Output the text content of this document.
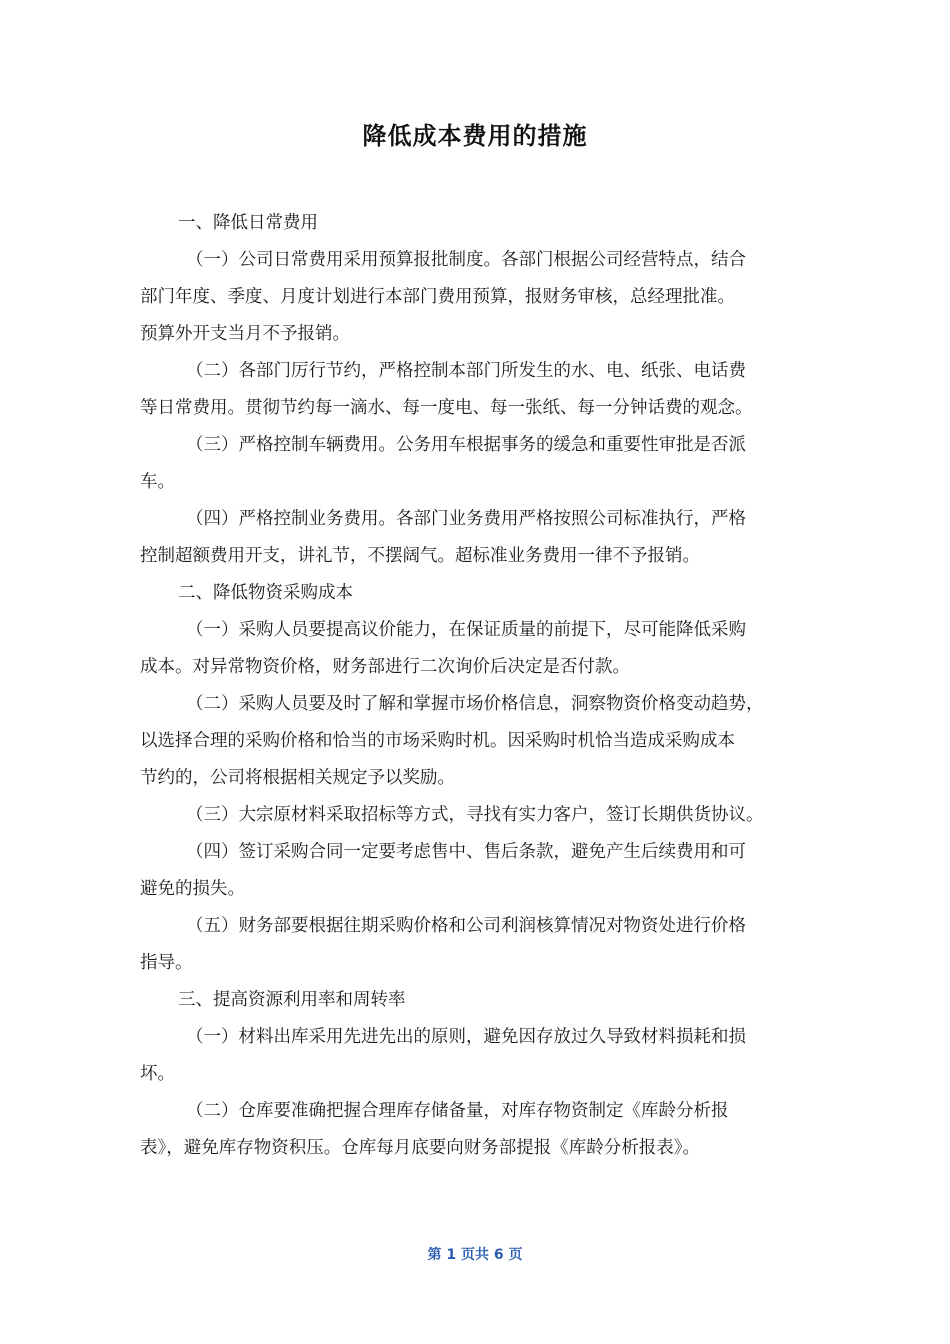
降低成本费用的措施
一、降低日常费用
（一）公司日常费用采用预算报批制度。各部门根据公司经营特点，结合
部门年度、季度、月度计划进行本部门费用预算，报财务审核，总经理批准。
预算外开支当月不予报销。
（二）各部门厉行节约，严格控制本部门所发生的水、电、纸张、电话费
等日常费用。贯彻节约每一滴水、每一度电、每一张纸、每一分钟话费的观念。
（三）严格控制车辆费用。公务用车根据事务的缓急和重要性审批是否派
车。
（四）严格控制业务费用。各部门业务费用严格按照公司标准执行，严格
控制超额费用开支，讲礼节，不摆阔气。超标准业务费用一律不予报销。
二、降低物资采购成本
（一）采购人员要提高议价能力，在保证质量的前提下，尽可能降低采购
成本。对异常物资价格，财务部进行二次询价后决定是否付款。
（二）采购人员要及时了解和掌握市场价格信息，洞察物资价格变动趋势，
以选择合理的采购价格和恰当的市场采购时机。因采购时机恰当造成采购成本
节约的，公司将根据相关规定予以奖励。
（三）大宗原材料采取招标等方式，寻找有实力客户，签订长期供货协议。
（四）签订采购合同一定要考虑售中、售后条款，避免产生后续费用和可
避免的损失。
（五）财务部要根据往期采购价格和公司利润核算情况对物资处进行价格
指导。
三、提高资源利用率和周转率
（一）材料出库采用先进先出的原则，避免因存放过久导致材料损耗和损
坏。
（二）仓库要准确把握合理库存储备量，对库存物资制定《库龄分析报
表》，避免库存物资积压。仓库每月底要向财务部提报《库龄分析报表》。
第 1 页共 6 页
